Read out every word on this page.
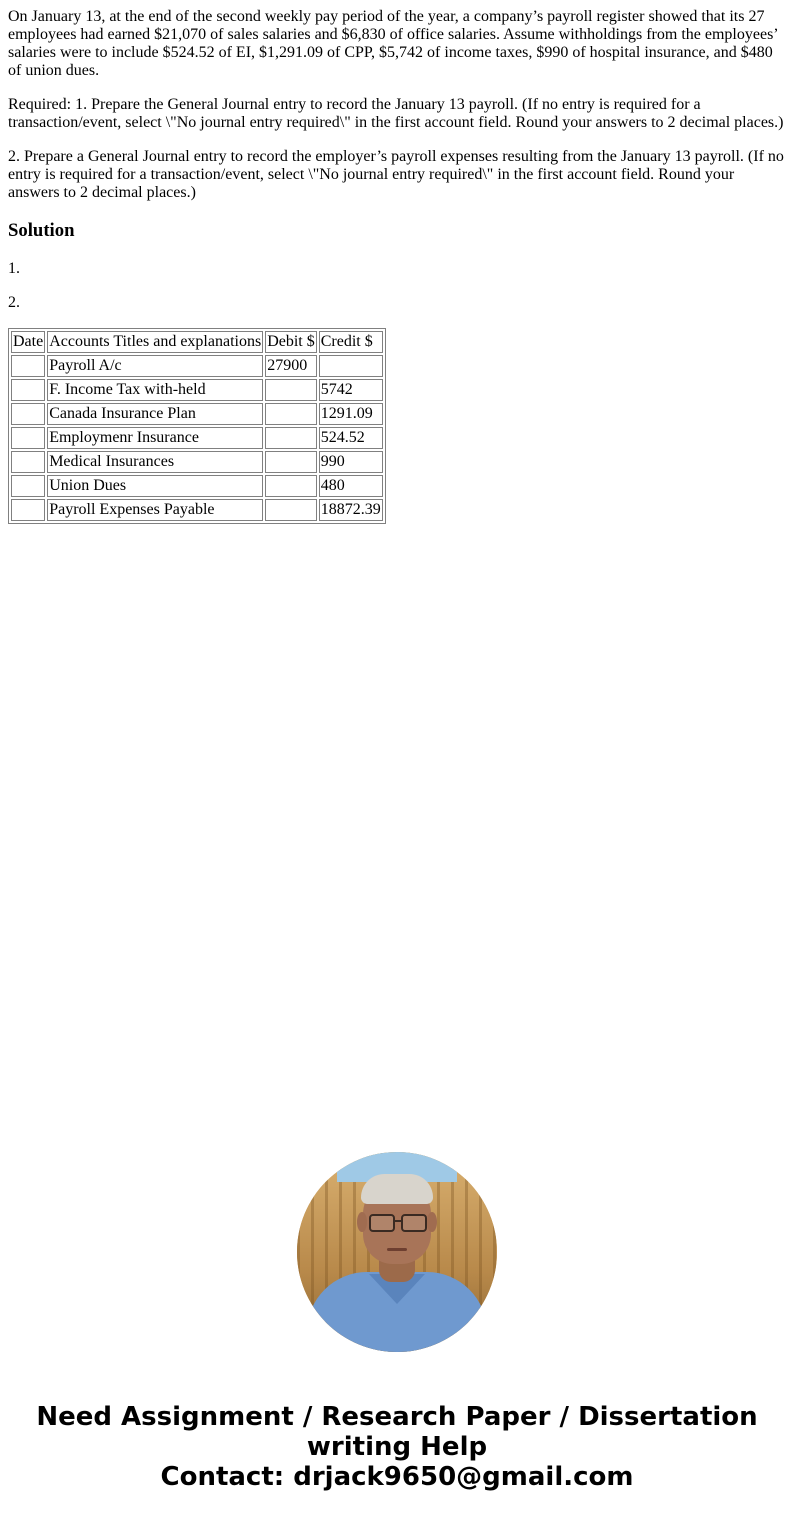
On January 13, at the end of the second weekly pay period of the year, a company’s payroll register showed that its 27 employees had earned $21,070 of sales salaries and $6,830 of office salaries. Assume withholdings from the employees’ salaries were to include $524.52 of EI, $1,291.09 of CPP, $5,742 of income taxes, $990 of hospital insurance, and $480 of union dues.

Required: 1. Prepare the General Journal entry to record the January 13 payroll. (If no entry is required for a transaction/event, select \"No journal entry required\" in the first account field. Round your answers to 2 decimal places.)

2. Prepare a General Journal entry to record the employer’s payroll expenses resulting from the January 13 payroll. (If no entry is required for a transaction/event, select \"No journal entry required\" in the first account field. Round your answers to 2 decimal places.)

Solution

1.

2.

Date	Accounts Titles and explanations	Debit $	Credit $
	Payroll A/c	27900	
	F. Income Tax with-held		5742
	Canada Insurance Plan		1291.09
	Employmenr Insurance		524.52
	Medical Insurances		990
	Union Dues		480
	Payroll Expenses Payable		18872.39
Need Assignment / Research Paper / Dissertation
writing Help
Contact: drjack9650@gmail.com
